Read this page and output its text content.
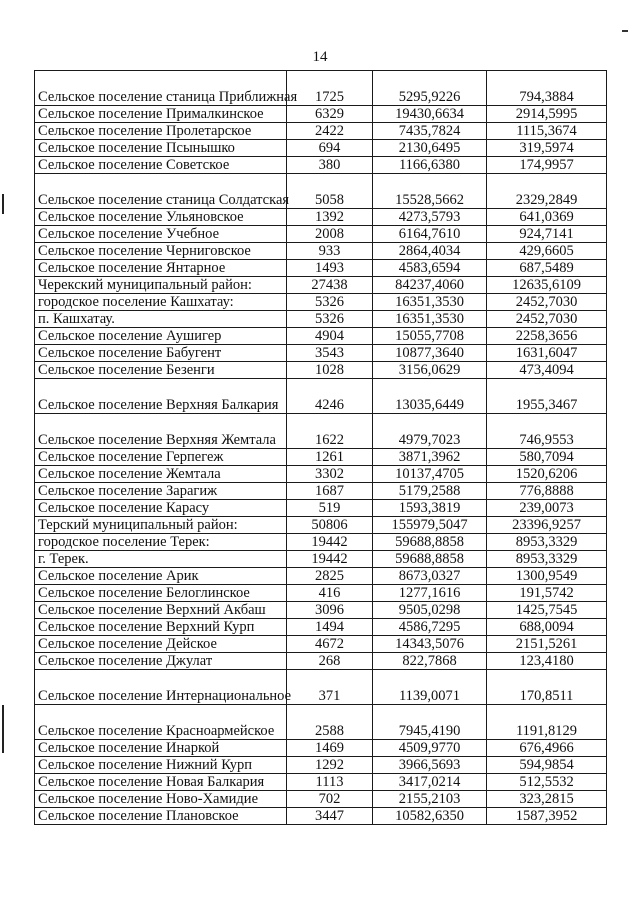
14
Сельское поселение станица Приближная	1725	5295,9226	794,3884
Сельское поселение Прималкинское	6329	19430,6634	2914,5995
Сельское поселение Пролетарское	2422	7435,7824	1115,3674
Сельское поселение Псынышко	694	2130,6495	319,5974
Сельское поселение Советское	380	1166,6380	174,9957
Сельское поселение станица Солдатская	5058	15528,5662	2329,2849
Сельское поселение Ульяновское	1392	4273,5793	641,0369
Сельское поселение Учебное	2008	6164,7610	924,7141
Сельское поселение Черниговское	933	2864,4034	429,6605
Сельское поселение Янтарное	1493	4583,6594	687,5489
Черекский муниципальный район:	27438	84237,4060	12635,6109
городское поселение Кашхатау:	5326	16351,3530	2452,7030
п. Кашхатау.	5326	16351,3530	2452,7030
Сельское поселение Аушигер	4904	15055,7708	2258,3656
Сельское поселение Бабугент	3543	10877,3640	1631,6047
Сельское поселение Безенги	1028	3156,0629	473,4094
Сельское поселение Верхняя Балкария	4246	13035,6449	1955,3467
Сельское поселение Верхняя Жемтала	1622	4979,7023	746,9553
Сельское поселение Герпегеж	1261	3871,3962	580,7094
Сельское поселение Жемтала	3302	10137,4705	1520,6206
Сельское поселение Зарагиж	1687	5179,2588	776,8888
Сельское поселение Карасу	519	1593,3819	239,0073
Терский муниципальный район:	50806	155979,5047	23396,9257
городское поселение Терек:	19442	59688,8858	8953,3329
г. Терек.	19442	59688,8858	8953,3329
Сельское поселение Арик	2825	8673,0327	1300,9549
Сельское поселение Белоглинское	416	1277,1616	191,5742
Сельское поселение Верхний Акбаш	3096	9505,0298	1425,7545
Сельское поселение Верхний Курп	1494	4586,7295	688,0094
Сельское поселение Дейское	4672	14343,5076	2151,5261
Сельское поселение Джулат	268	822,7868	123,4180
Сельское поселение Интернациональное	371	1139,0071	170,8511
Сельское поселение Красноармейское	2588	7945,4190	1191,8129
Сельское поселение Инаркой	1469	4509,9770	676,4966
Сельское поселение Нижний Курп	1292	3966,5693	594,9854
Сельское поселение Новая Балкария	1113	3417,0214	512,5532
Сельское поселение Ново-Хамидие	702	2155,2103	323,2815
Сельское поселение Плановское	3447	10582,6350	1587,3952
